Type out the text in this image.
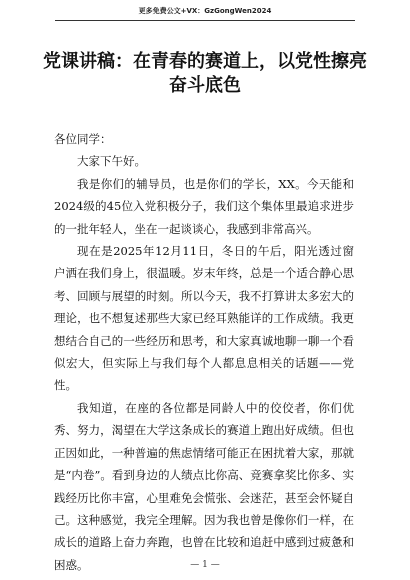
更多免费公文+VX：GzGongWen2024
党课讲稿：在青春的赛道上，以党性擦亮奋斗底色

各位同学：

大家下午好。

我是你们的辅导员，也是你们的学长，XX。今天能和2024级的45位入党积极分子，我们这个集体里最追求进步的一批年轻人，坐在一起谈谈心，我感到非常高兴。

现在是2025年12月11日，冬日的午后，阳光透过窗户洒在我们身上，很温暖。岁末年终，总是一个适合静心思考、回顾与展望的时刻。所以今天，我不打算讲太多宏大的理论，也不想复述那些大家已经耳熟能详的工作成绩。我更想结合自己的一些经历和思考，和大家真诚地聊一聊一个看似宏大，但实际上与我们每个人都息息相关的话题——党性。

我知道，在座的各位都是同龄人中的佼佼者，你们优秀、努力，渴望在大学这条成长的赛道上跑出好成绩。但也正因如此，一种普遍的焦虑情绪可能正在困扰着大家，那就是“内卷”。看到身边的人绩点比你高、竞赛拿奖比你多、实践经历比你丰富，心里难免会慌张、会迷茫，甚至会怀疑自己。这种感觉，我完全理解。因为我也曾是像你们一样，在成长的道路上奋力奔跑，也曾在比较和追赶中感到过疲惫和困惑。	— 1 —
